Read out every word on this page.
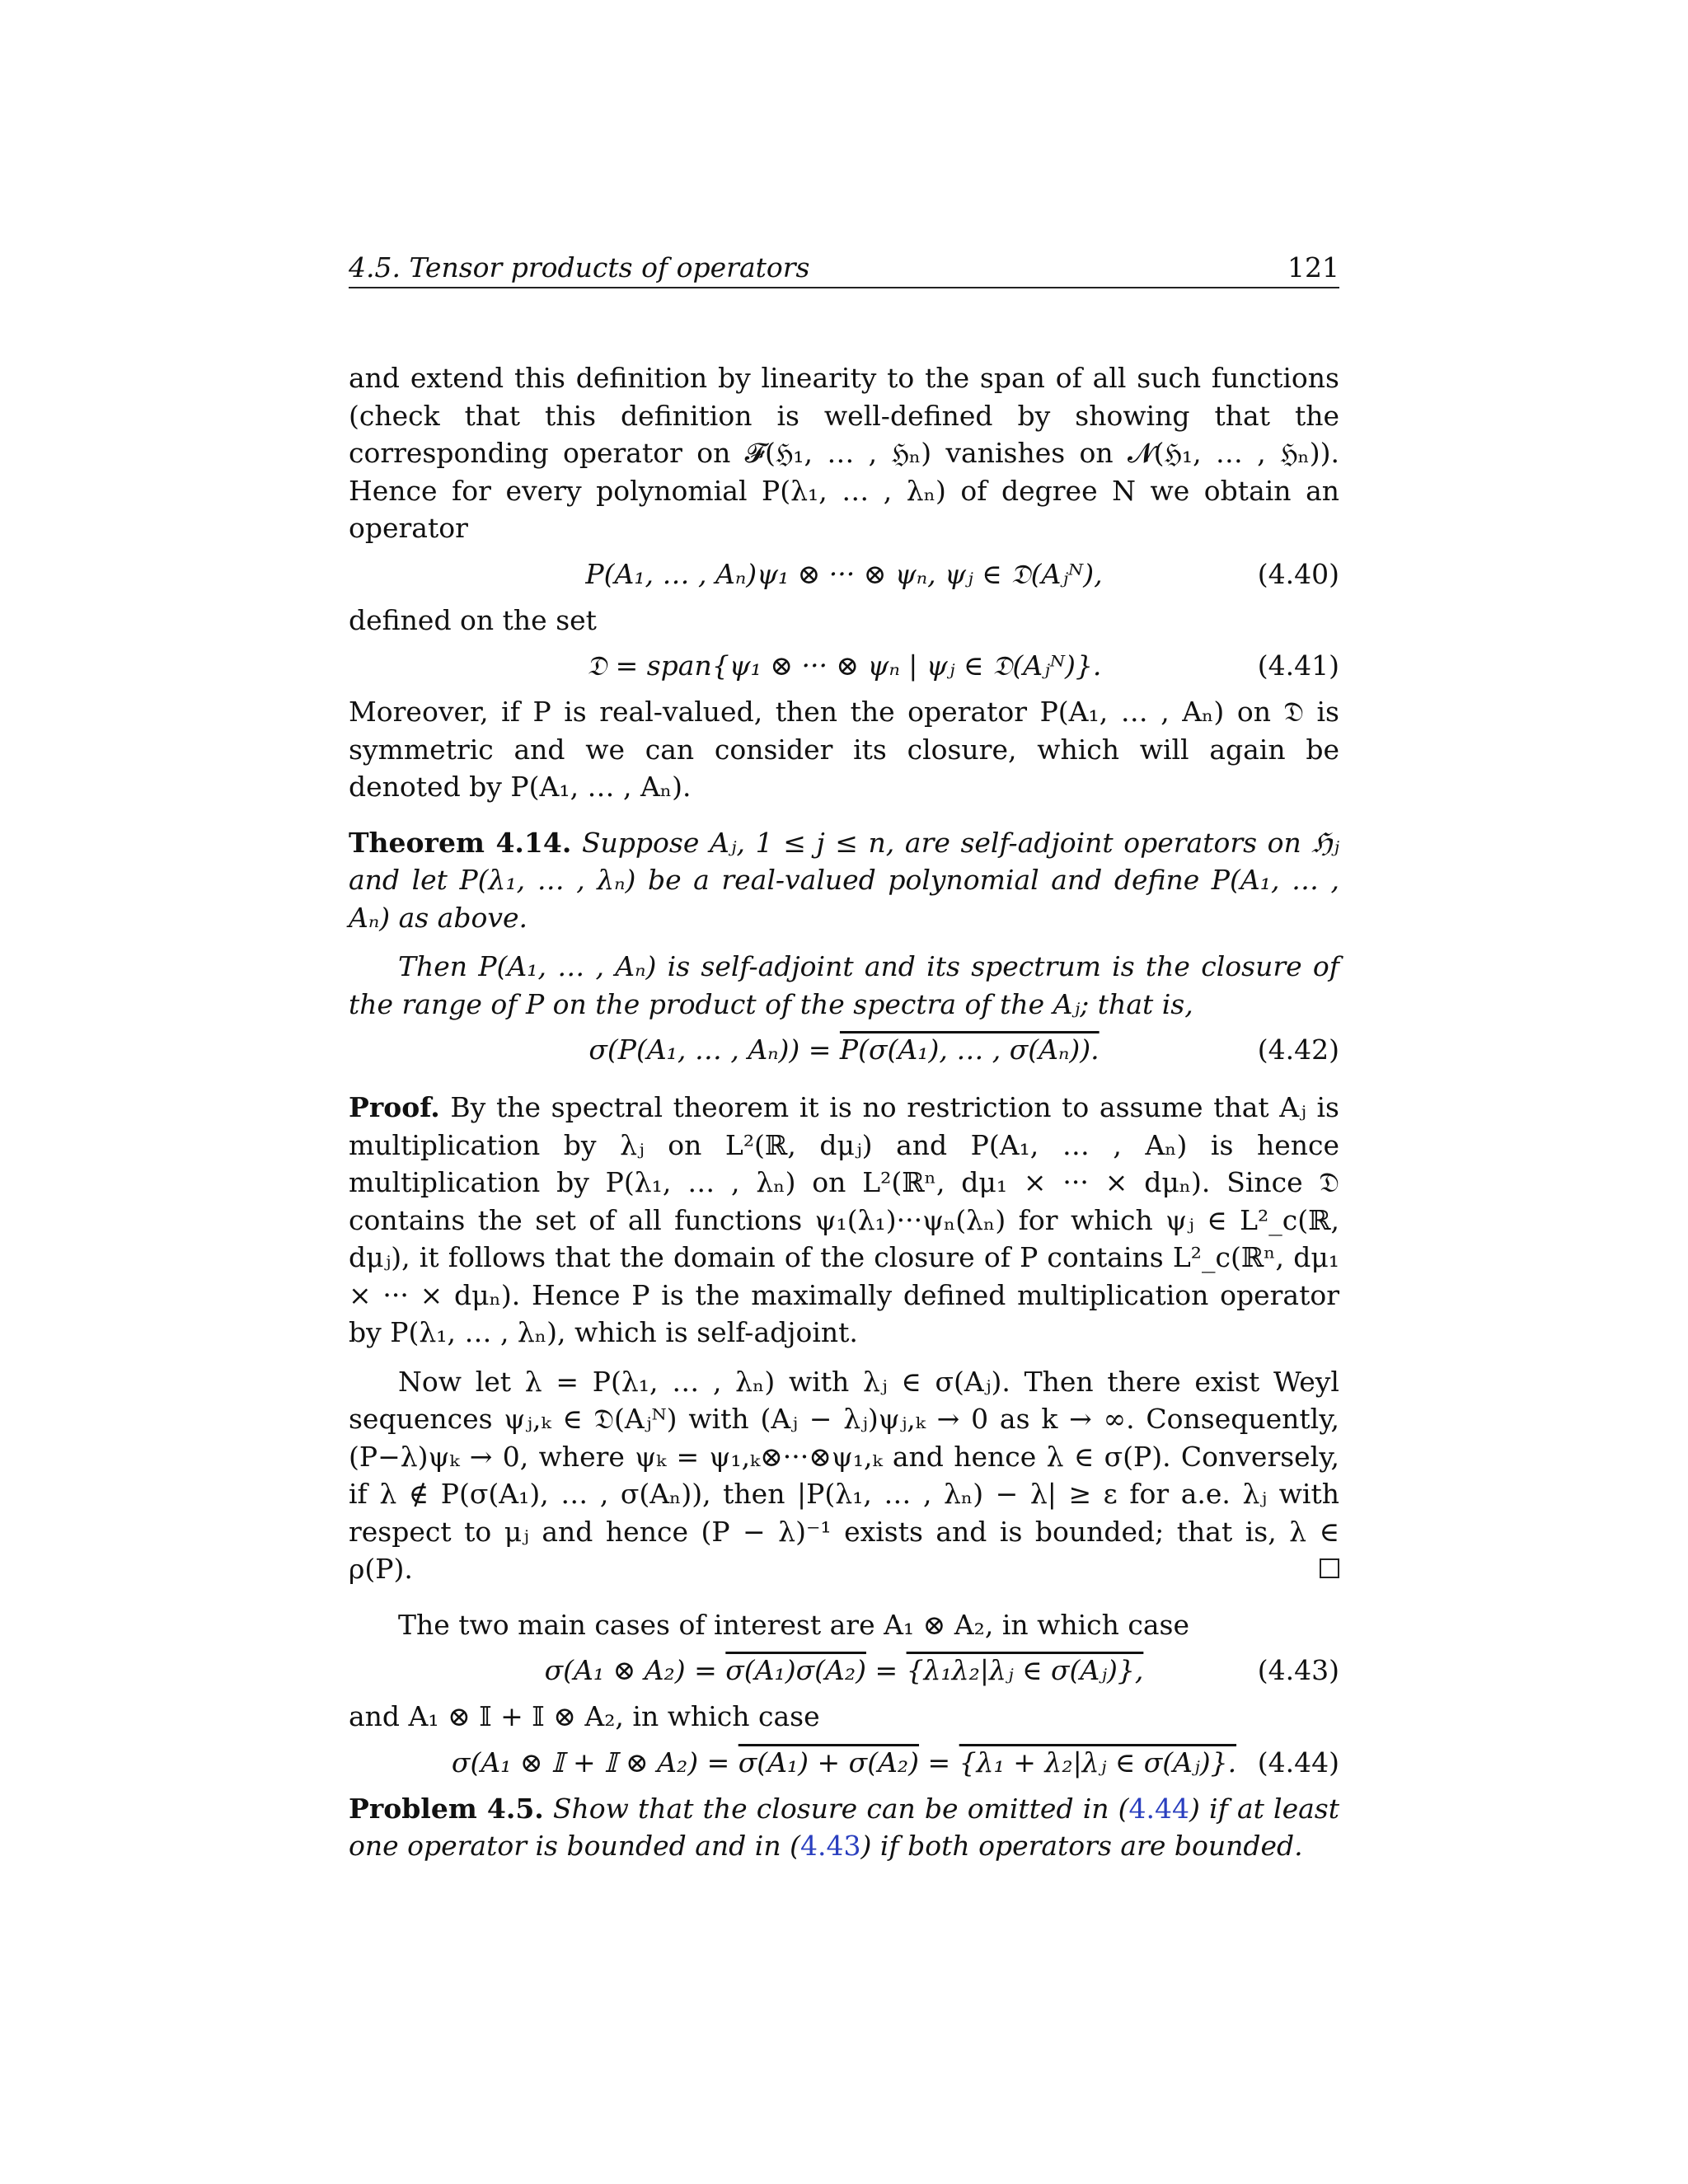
4.5. Tensor products of operators	121

and extend this definition by linearity to the span of all such functions (check that this definition is well-defined by showing that the corresponding operator on 𝓕(ℌ₁, … , ℌₙ) vanishes on 𝓝(ℌ₁, … , ℌₙ)). Hence for every polynomial P(λ₁, … , λₙ) of degree N we obtain an operator

P(A₁, … , Aₙ)ψ₁ ⊗ ··· ⊗ ψₙ, ψⱼ ∈ 𝔇(Aⱼᴺ),	(4.40)

defined on the set

𝔇 = span{ψ₁ ⊗ ··· ⊗ ψₙ | ψⱼ ∈ 𝔇(Aⱼᴺ)}.	(4.41)

Moreover, if P is real-valued, then the operator P(A₁, … , Aₙ) on 𝔇 is symmetric and we can consider its closure, which will again be denoted by P(A₁, … , Aₙ).

Theorem 4.14. Suppose Aⱼ, 1 ≤ j ≤ n, are self-adjoint operators on ℌⱼ and let P(λ₁, … , λₙ) be a real-valued polynomial and define P(A₁, … , Aₙ) as above.

Then P(A₁, … , Aₙ) is self-adjoint and its spectrum is the closure of the range of P on the product of the spectra of the Aⱼ; that is,

σ(P(A₁, … , Aₙ)) = P(σ(A₁), … , σ(Aₙ)).	(4.42)

Proof. By the spectral theorem it is no restriction to assume that Aⱼ is multiplication by λⱼ on L²(ℝ, dμⱼ) and P(A₁, … , Aₙ) is hence multiplication by P(λ₁, … , λₙ) on L²(ℝⁿ, dμ₁ × ··· × dμₙ). Since 𝔇 contains the set of all functions ψ₁(λ₁)···ψₙ(λₙ) for which ψⱼ ∈ L²_c(ℝ, dμⱼ), it follows that the domain of the closure of P contains L²_c(ℝⁿ, dμ₁ × ··· × dμₙ). Hence P is the maximally defined multiplication operator by P(λ₁, … , λₙ), which is self-adjoint.

Now let λ = P(λ₁, … , λₙ) with λⱼ ∈ σ(Aⱼ). Then there exist Weyl sequences ψⱼ,ₖ ∈ 𝔇(Aⱼᴺ) with (Aⱼ − λⱼ)ψⱼ,ₖ → 0 as k → ∞. Consequently, (P−λ)ψₖ → 0, where ψₖ = ψ₁,ₖ⊗···⊗ψ₁,ₖ and hence λ ∈ σ(P). Conversely, if λ ∉ P(σ(A₁), … , σ(Aₙ)), then |P(λ₁, … , λₙ) − λ| ≥ ε for a.e. λⱼ with respect to μⱼ and hence (P − λ)⁻¹ exists and is bounded; that is, λ ∈ ρ(P).

The two main cases of interest are A₁ ⊗ A₂, in which case

σ(A₁ ⊗ A₂) = σ(A₁)σ(A₂) = {λ₁λ₂|λⱼ ∈ σ(Aⱼ)},	(4.43)

and A₁ ⊗ 𝕀 + 𝕀 ⊗ A₂, in which case

σ(A₁ ⊗ 𝕀 + 𝕀 ⊗ A₂) = σ(A₁) + σ(A₂) = {λ₁ + λ₂|λⱼ ∈ σ(Aⱼ)}. (4.44)

Problem 4.5. Show that the closure can be omitted in (4.44) if at least one operator is bounded and in (4.43) if both operators are bounded.
